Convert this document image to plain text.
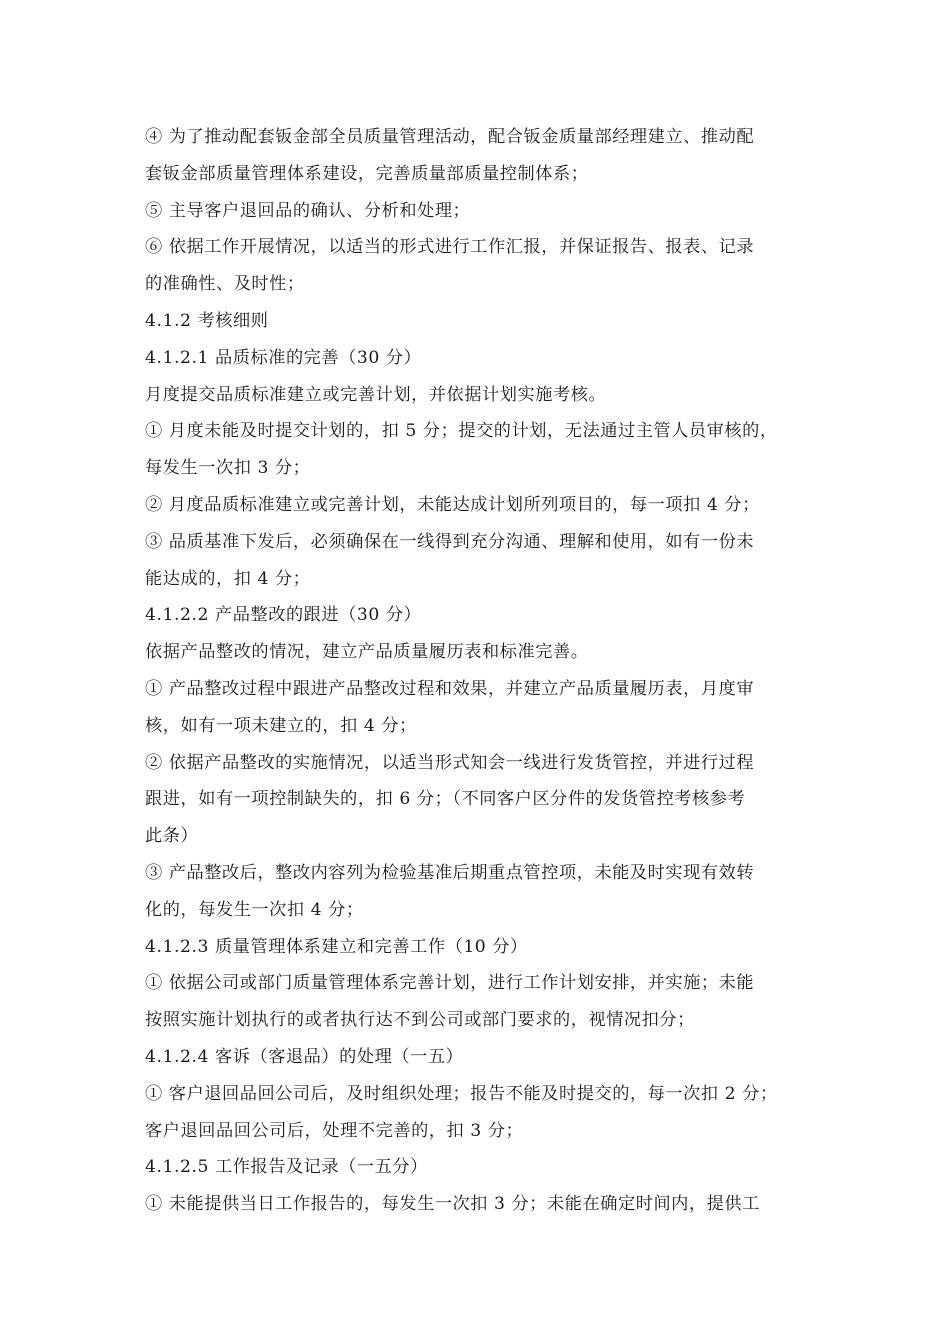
④ 为了推动配套钣金部全员质量管理活动，配合钣金质量部经理建立、推动配
套钣金部质量管理体系建设，完善质量部质量控制体系；
⑤ 主导客户退回品的确认、分析和处理；
⑥ 依据工作开展情况，以适当的形式进行工作汇报，并保证报告、报表、记录
的准确性、及时性；
4.1.2 考核细则
4.1.2.1 品质标准的完善（30 分）
月度提交品质标准建立或完善计划，并依据计划实施考核。
① 月度未能及时提交计划的，扣 5 分；提交的计划，无法通过主管人员审核的，
每发生一次扣 3 分；
② 月度品质标准建立或完善计划，未能达成计划所列项目的，每一项扣 4 分；
③ 品质基准下发后，必须确保在一线得到充分沟通、理解和使用，如有一份未
能达成的，扣 4 分；
4.1.2.2 产品整改的跟进（30 分）
依据产品整改的情况，建立产品质量履历表和标准完善。
① 产品整改过程中跟进产品整改过程和效果，并建立产品质量履历表，月度审
核，如有一项未建立的，扣 4 分；
② 依据产品整改的实施情况，以适当形式知会一线进行发货管控，并进行过程
跟进，如有一项控制缺失的，扣 6 分；（不同客户区分件的发货管控考核参考
此条）
③ 产品整改后，整改内容列为检验基准后期重点管控项，未能及时实现有效转
化的，每发生一次扣 4 分；
4.1.2.3 质量管理体系建立和完善工作（10 分）
① 依据公司或部门质量管理体系完善计划，进行工作计划安排，并实施；未能
按照实施计划执行的或者执行达不到公司或部门要求的，视情况扣分；
4.1.2.4 客诉（客退品）的处理（一五）
① 客户退回品回公司后，及时组织处理；报告不能及时提交的，每一次扣 2 分；
客户退回品回公司后，处理不完善的，扣 3 分；
4.1.2.5 工作报告及记录（一五分）
① 未能提供当日工作报告的，每发生一次扣 3 分；未能在确定时间内，提供工
